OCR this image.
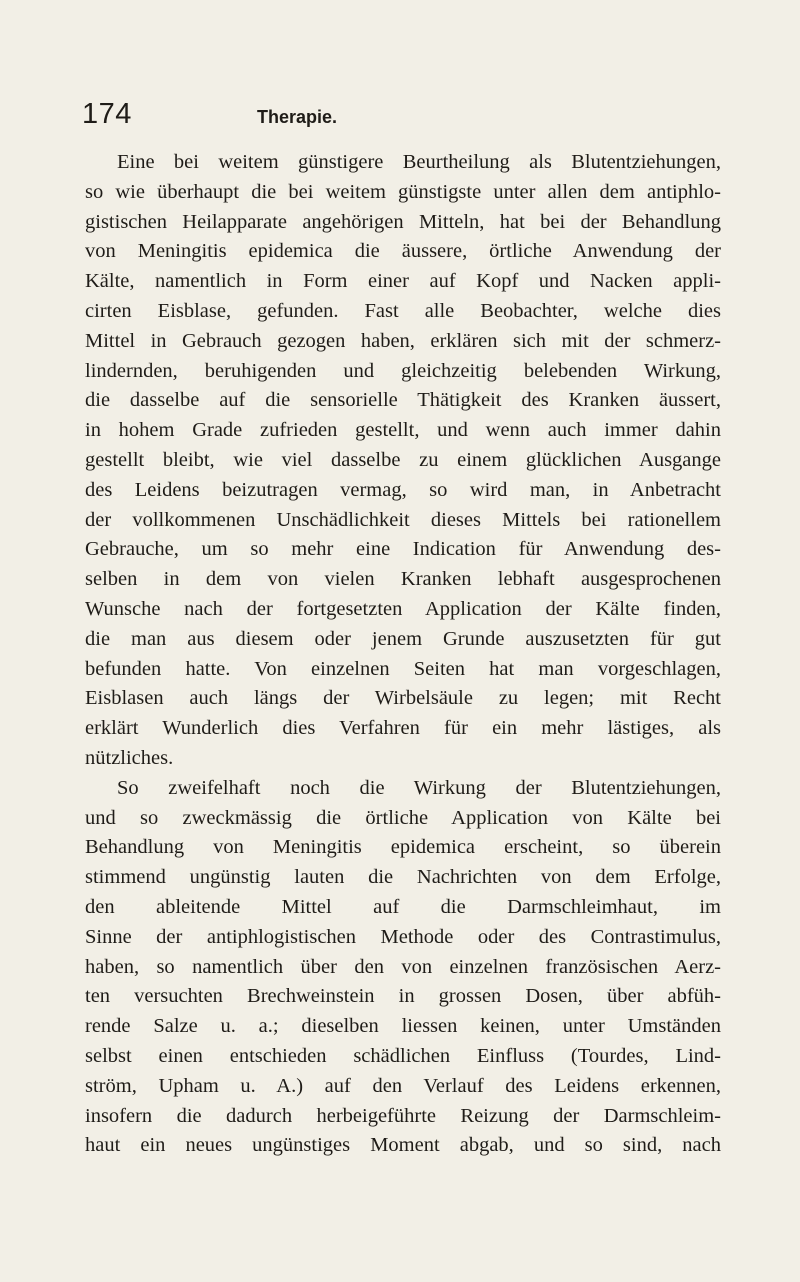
174	Therapie.
Eine bei weitem günstigere Beurtheilung als Blutentziehungen,
so wie überhaupt die bei weitem günstigste unter allen dem antiphlo-
gistischen Heilapparate angehörigen Mitteln, hat bei der Behandlung
von Meningitis epidemica die äussere, örtliche Anwendung der
Kälte, namentlich in Form einer auf Kopf und Nacken appli-
cirten Eisblase, gefunden. Fast alle Beobachter, welche dies
Mittel in Gebrauch gezogen haben, erklären sich mit der schmerz-
lindernden, beruhigenden und gleichzeitig belebenden Wirkung,
die dasselbe auf die sensorielle Thätigkeit des Kranken äussert,
in hohem Grade zufrieden gestellt, und wenn auch immer dahin
gestellt bleibt, wie viel dasselbe zu einem glücklichen Ausgange
des Leidens beizutragen vermag, so wird man, in Anbetracht
der vollkommenen Unschädlichkeit dieses Mittels bei rationellem
Gebrauche, um so mehr eine Indication für Anwendung des-
selben in dem von vielen Kranken lebhaft ausgesprochenen
Wunsche nach der fortgesetzten Application der Kälte finden,
die man aus diesem oder jenem Grunde auszusetzten für gut
befunden hatte. Von einzelnen Seiten hat man vorgeschlagen,
Eisblasen auch längs der Wirbelsäule zu legen; mit Recht
erklärt Wunderlich dies Verfahren für ein mehr lästiges, als
nützliches.
So zweifelhaft noch die Wirkung der Blutentziehungen,
und so zweckmässig die örtliche Application von Kälte bei
Behandlung von Meningitis epidemica erscheint, so überein
stimmend ungünstig lauten die Nachrichten von dem Erfolge,
den ableitende Mittel auf die Darmschleimhaut, im
Sinne der antiphlogistischen Methode oder des Contrastimulus,
haben, so namentlich über den von einzelnen französischen Aerz-
ten versuchten Brechweinstein in grossen Dosen, über abfüh-
rende Salze u. a.; dieselben liessen keinen, unter Umständen
selbst einen entschieden schädlichen Einfluss (Tourdes, Lind-
ström, Upham u. A.) auf den Verlauf des Leidens erkennen,
insofern die dadurch herbeigeführte Reizung der Darmschleim-
haut ein neues ungünstiges Moment abgab, und so sind, nach
